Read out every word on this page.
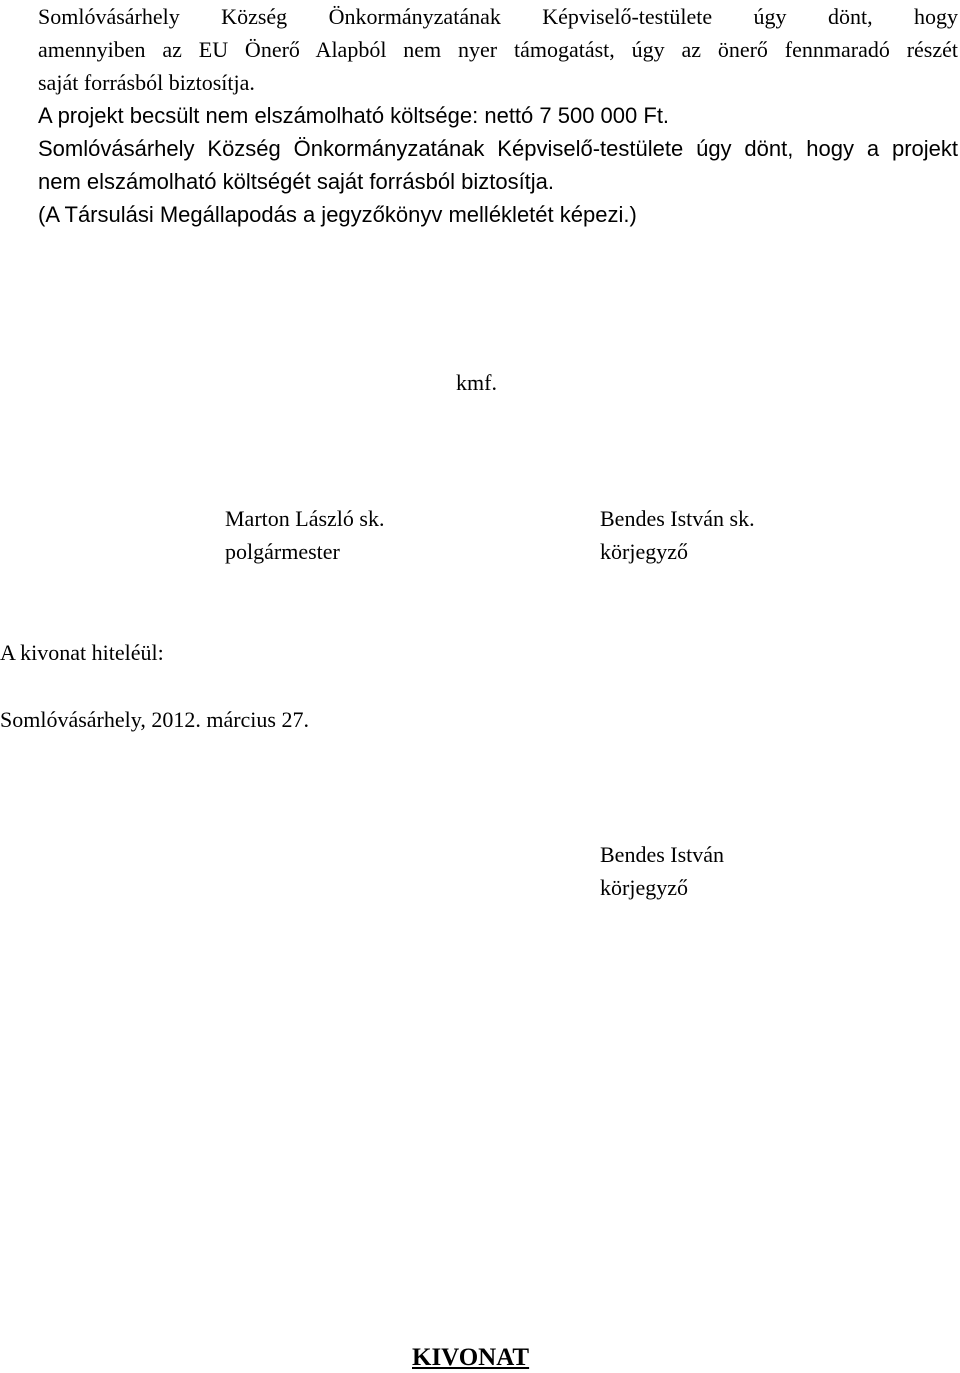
Somlóvásárhely Község Önkormányzatának Képviselő-testülete úgy dönt, hogy

amennyiben az EU Önerő Alapból nem nyer támogatást, úgy az önerő fennmaradó részét

saját forrásból biztosítja.

A projekt becsült nem elszámolható költsége: nettó 7 500 000 Ft.

Somlóvásárhely Község Önkormányzatának Képviselő-testülete úgy dönt, hogy a projekt

nem elszámolható költségét saját forrásból biztosítja.

(A Társulási Megállapodás a jegyzőkönyv mellékletét képezi.)

kmf.
Marton László sk.
polgármester
Bendes István sk.
körjegyző
A kivonat hiteléül:
Somlóvásárhely, 2012. március 27.
Bendes István
körjegyző
KIVONAT
